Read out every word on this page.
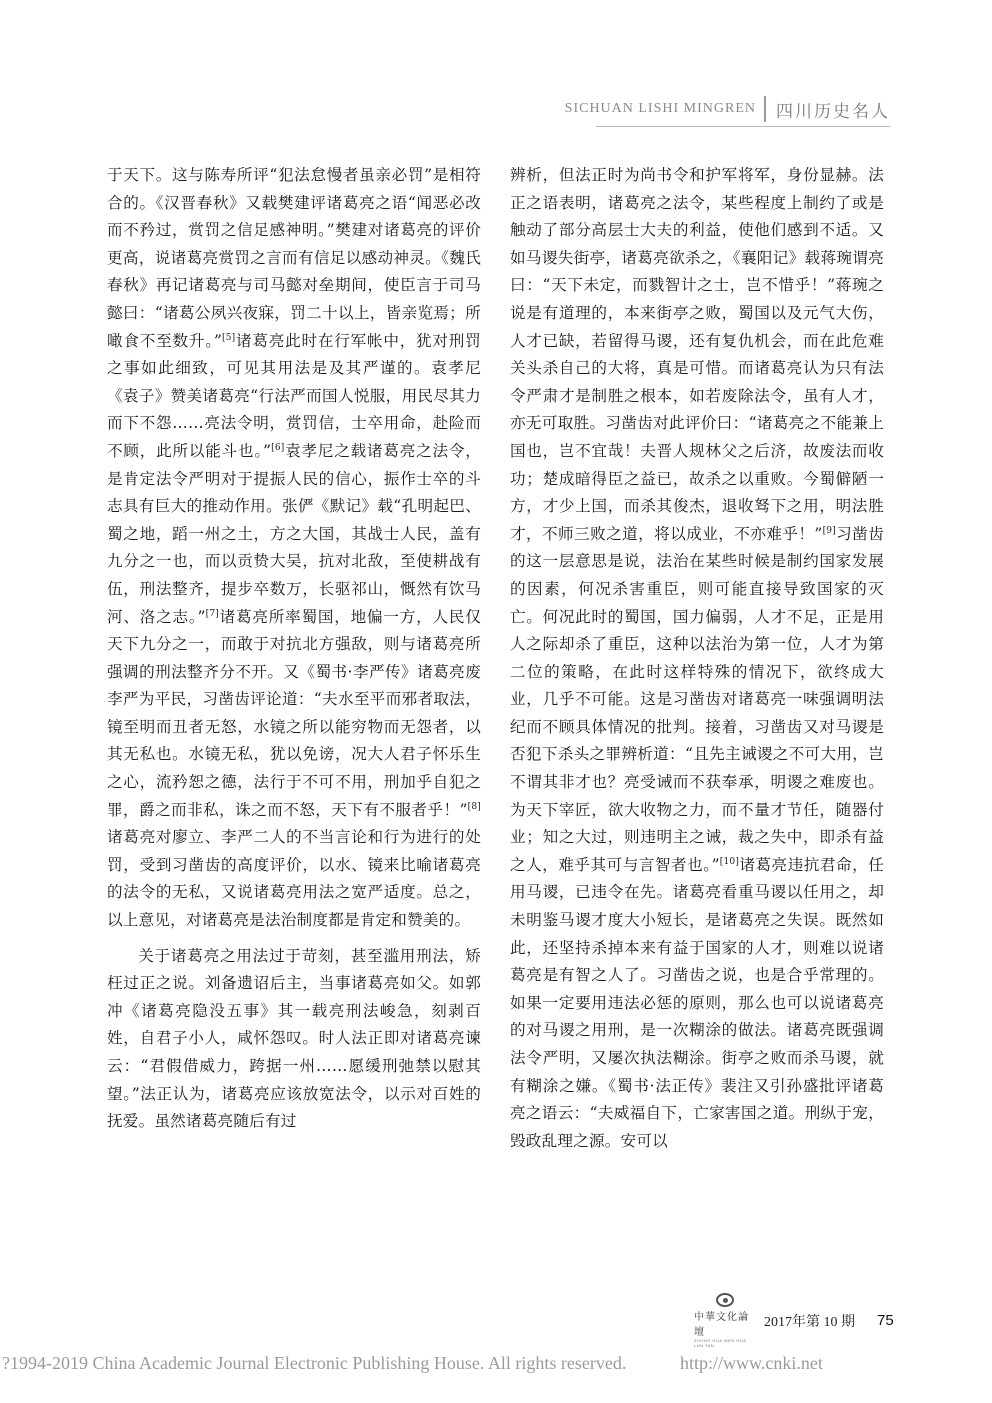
SICHUAN LISHI MINGREN	四川历史名人

于天下。这与陈寿所评“犯法怠慢者虽亲必罚”是相符合的。《汉晋春秋》又载樊建评诸葛亮之语“闻恶必改而不矜过，赏罚之信足感神明。”樊建对诸葛亮的评价更高，说诸葛亮赏罚之言而有信足以感动神灵。《魏氏春秋》再记诸葛亮与司马懿对垒期间，使臣言于司马懿曰：“诸葛公夙兴夜寐，罚二十以上，皆亲览焉；所噉食不至数升。”[5]诸葛亮此时在行军帐中，犹对刑罚之事如此细致，可见其用法是及其严谨的。袁孝尼《袁子》赞美诸葛亮“行法严而国人悦服，用民尽其力而下不怨……亮法令明，赏罚信，士卒用命，赴险而不顾，此所以能斗也。”[6]袁孝尼之载诸葛亮之法令，是肯定法令严明对于提振人民的信心，振作士卒的斗志具有巨大的推动作用。张俨《默记》载“孔明起巴、蜀之地，蹈一州之土，方之大国，其战士人民，盖有九分之一也，而以贡贽大吴，抗对北敌，至使耕战有伍，刑法整齐，提步卒数万，长驱祁山，慨然有饮马河、洛之志。”[7]诸葛亮所率蜀国，地偏一方，人民仅天下九分之一，而敢于对抗北方强敌，则与诸葛亮所强调的刑法整齐分不开。又《蜀书·李严传》诸葛亮废李严为平民，习凿齿评论道：“夫水至平而邪者取法，镜至明而丑者无怒，水镜之所以能穷物而无怨者，以其无私也。水镜无私，犹以免谤，况大人君子怀乐生之心，流矜恕之德，法行于不可不用，刑加乎自犯之罪，爵之而非私，诛之而不怒，天下有不服者乎！”[8]诸葛亮对廖立、李严二人的不当言论和行为进行的处罚，受到习凿齿的高度评价，以水、镜来比喻诸葛亮的法令的无私，又说诸葛亮用法之宽严适度。总之，以上意见，对诸葛亮是法治制度都是肯定和赞美的。

关于诸葛亮之用法过于苛刻，甚至滥用刑法，矫枉过正之说。刘备遗诏后主，当事诸葛亮如父。如郭冲《诸葛亮隐没五事》其一载亮刑法峻急，刻剥百姓，自君子小人，咸怀怨叹。时人法正即对诸葛亮谏云：“君假借威力，跨据一州……愿缓刑弛禁以慰其望。”法正认为，诸葛亮应该放宽法令，以示对百姓的抚爱。虽然诸葛亮随后有过

辨析，但法正时为尚书令和护军将军，身份显赫。法正之语表明，诸葛亮之法令，某些程度上制约了或是触动了部分高层士大夫的利益，使他们感到不适。又如马谡失街亭，诸葛亮欲杀之，《襄阳记》载蒋琬谓亮曰：“天下未定，而戮智计之士，岂不惜乎！”蒋琬之说是有道理的，本来街亭之败，蜀国以及元气大伤，人才已缺，若留得马谡，还有复仇机会，而在此危难关头杀自己的大将，真是可惜。而诸葛亮认为只有法令严肃才是制胜之根本，如若废除法令，虽有人才，亦无可取胜。习凿齿对此评价曰：“诸葛亮之不能兼上国也，岂不宜哉！夫晋人规林父之后济，故废法而收功；楚成暗得臣之益已，故杀之以重败。今蜀僻陋一方，才少上国，而杀其俊杰，退收驽下之用，明法胜才，不师三败之道，将以成业，不亦难乎！”[9]习凿齿的这一层意思是说，法治在某些时候是制约国家发展的因素，何况杀害重臣，则可能直接导致国家的灭亡。何况此时的蜀国，国力偏弱，人才不足，正是用人之际却杀了重臣，这种以法治为第一位，人才为第二位的策略，在此时这样特殊的情况下，欲终成大业，几乎不可能。这是习凿齿对诸葛亮一味强调明法纪而不顾具体情况的批判。接着，习凿齿又对马谡是否犯下杀头之罪辨析道：“且先主诫谡之不可大用，岂不谓其非才也？亮受诫而不获奉承，明谡之难废也。为天下宰匠，欲大收物之力，而不量才节任，随器付业；知之大过，则违明主之诫，裁之失中，即杀有益之人，难乎其可与言智者也。”[10]诸葛亮违抗君命，任用马谡，已违令在先。诸葛亮看重马谡以任用之，却未明鉴马谡才度大小短长，是诸葛亮之失误。既然如此，还坚持杀掉本来有益于国家的人才，则难以说诸葛亮是有智之人了。习凿齿之说，也是合乎常理的。如果一定要用违法必惩的原则，那么也可以说诸葛亮的对马谡之用刑，是一次糊涂的做法。诸葛亮既强调法令严明，又屡次执法糊涂。街亭之败而杀马谡，就有糊涂之嫌。《蜀书·法正传》裴注又引孙盛批评诸葛亮之语云：“夫威福自下，亡家害国之道。刑纵于宠，毁政乱理之源。安可以

中華文化論壇
ZHONG HUA WEN HUA LUN TAN
2017年第 10 期 75
?1994-2019 China Academic Journal Electronic Publishing House. All rights reserved.	http://www.cnki.net
